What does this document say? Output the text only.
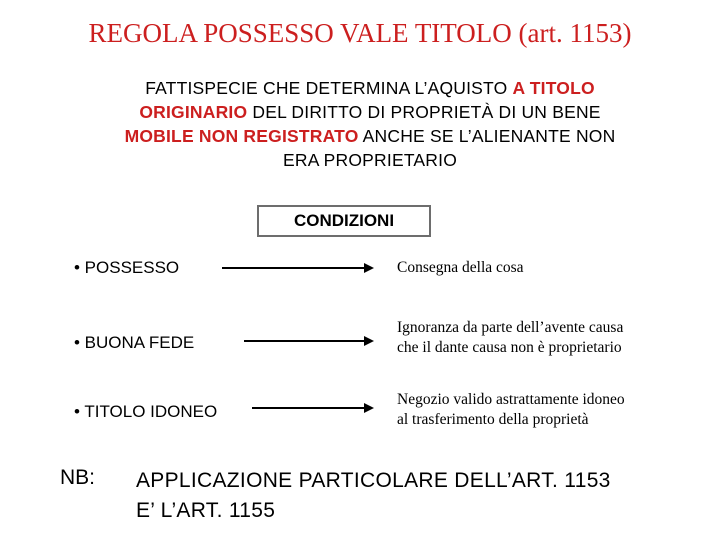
REGOLA POSSESSO VALE TITOLO (art. 1153)
FATTISPECIE CHE DETERMINA L’AQUISTO A TITOLO
ORIGINARIO DEL DIRITTO DI PROPRIETÀ DI UN BENE
MOBILE NON REGISTRATO ANCHE SE L’ALIENANTE NON
ERA PROPRIETARIO
CONDIZIONI
• POSSESSO	Consegna della cosa
• BUONA FEDE
Ignoranza da parte dell’avente causa
che il dante causa non è proprietario
• TITOLO IDONEO
Negozio valido astrattamente idoneo
al trasferimento della proprietà
NB: APPLICAZIONE PARTICOLARE DELL’ART. 1153
E’ L’ART. 1155
